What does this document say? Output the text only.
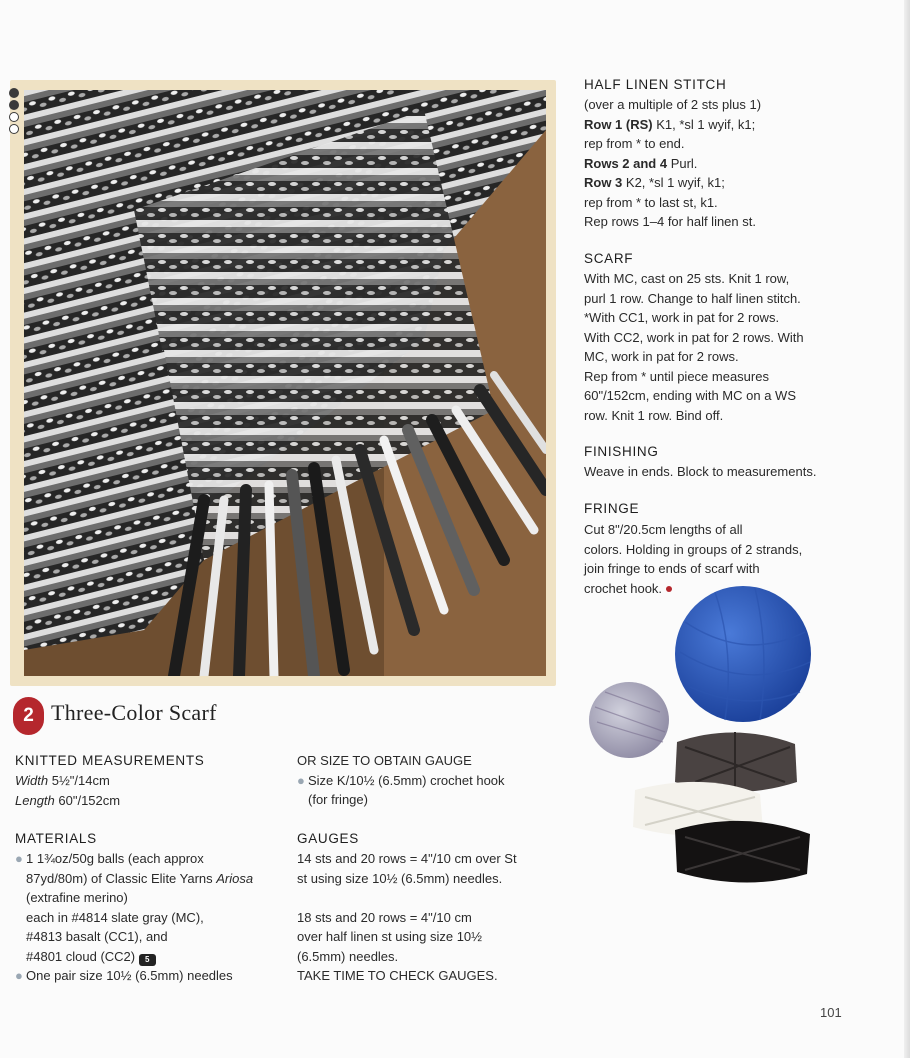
2 Three-Color Scarf
KNITTED MEASUREMENTS

Width 5½"/14cm

Length 60"/152cm

MATERIALS

● 1 1¾oz/50g balls (each approx

87yd/80m) of Classic Elite Yarns Ariosa

(extrafine merino)

each in #4814 slate gray (MC),

#4813 basalt (CC1), and

#4801 cloud (CC2) 5

● One pair size 10½ (6.5mm) needles

OR SIZE TO OBTAIN GAUGE

● Size K/10½ (6.5mm) crochet hook

(for fringe)

GAUGES

14 sts and 20 rows = 4"/10 cm over St

st using size 10½ (6.5mm) needles.

18 sts and 20 rows = 4"/10 cm

over half linen st using size 10½

(6.5mm) needles.

TAKE TIME TO CHECK GAUGES.

HALF LINEN STITCH

(over a multiple of 2 sts plus 1)

Row 1 (RS) K1, *sl 1 wyif, k1;

rep from * to end.

Rows 2 and 4 Purl.

Row 3 K2, *sl 1 wyif, k1;

rep from * to last st, k1.

Rep rows 1–4 for half linen st.

SCARF

With MC, cast on 25 sts. Knit 1 row,

purl 1 row. Change to half linen stitch.

*With CC1, work in pat for 2 rows.

With CC2, work in pat for 2 rows. With

MC, work in pat for 2 rows.

Rep from * until piece measures

60"/152cm, ending with MC on a WS

row. Knit 1 row. Bind off.

FINISHING
Weave in ends. Block to measurements.
FRINGE

Cut 8"/20.5cm lengths of all

colors. Holding in groups of 2 strands,

join fringe to ends of scarf with

crochet hook.

101
